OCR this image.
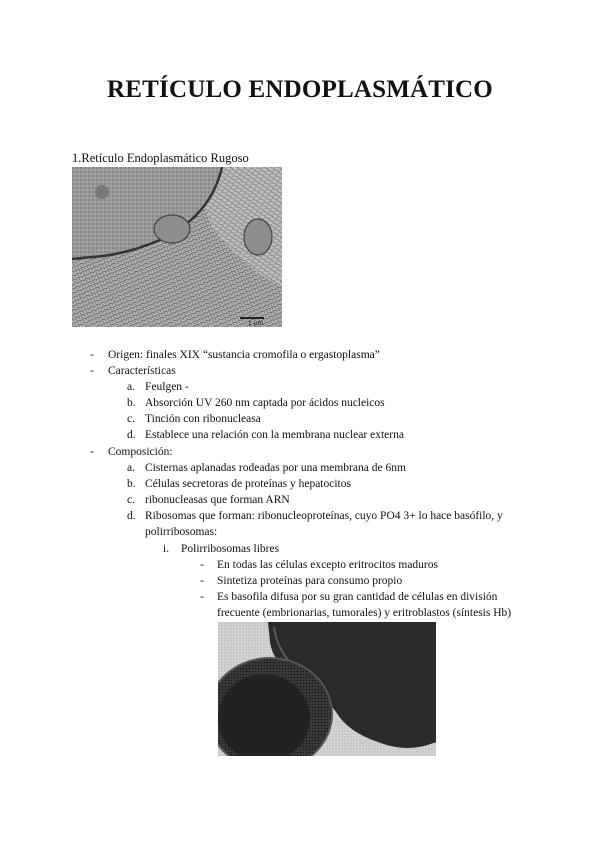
RETÍCULO ENDOPLASMÁTICO
1.Retículo Endoplasmático Rugoso
1 µm
- Origen: finales XIX “sustancia cromofila o ergastoplasma”
- Características
a. Feulgen -
b. Absorción UV 260 nm captada por ácidos nucleicos
c. Tinción con ribonucleasa
d. Establece una relación con la membrana nuclear externa
- Composición:
a. Cisternas aplanadas rodeadas por una membrana de 6nm
b. Células secretoras de proteínas y hepatocitos
c. ribonucleasas que forman ARN
d. Ribosomas que forman: ribonucleoproteínas, cuyo PO4 3+ lo hace basófilo, y
polirribosomas:
i. Polirribosomas libres
- En todas las células excepto eritrocitos maduros
- Sintetiza proteínas para consumo propio
- Es basofila difusa por su gran cantidad de células en división
frecuente (embrionarias, tumorales) y eritroblastos (síntesis Hb)
